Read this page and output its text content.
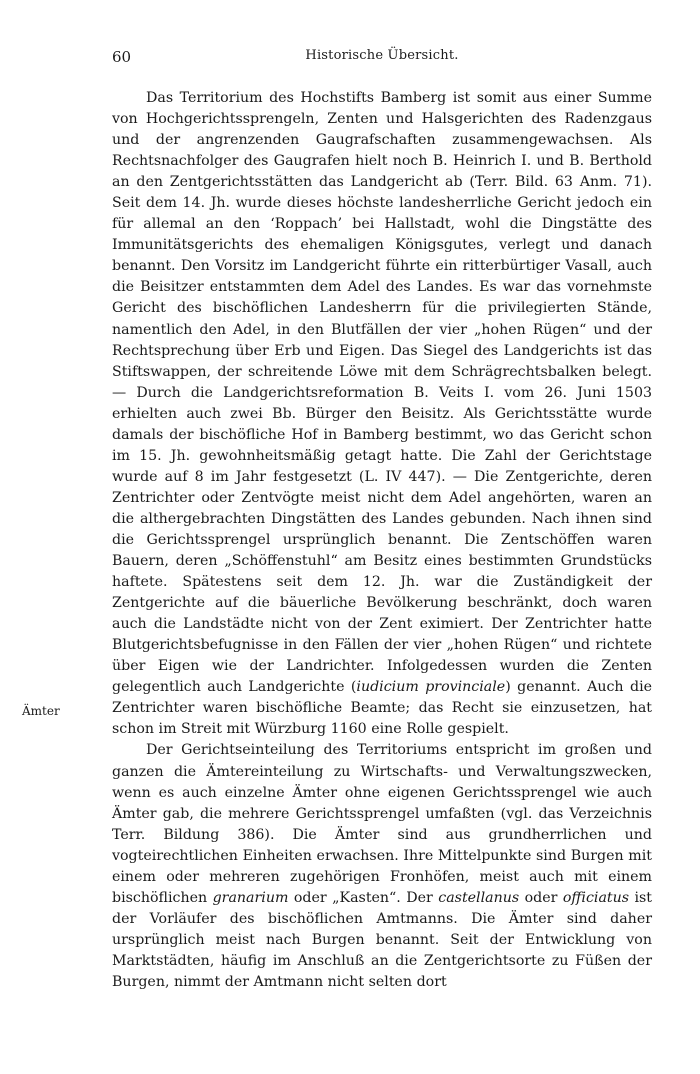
60	Historische Übersicht.
Ämter

Das Territorium des Hochstifts Bamberg ist somit aus einer Summe von Hochgerichtssprengeln, Zenten und Halsgerichten des Radenzgaus und der angrenzenden Gaugrafschaften zusammengewachsen. Als Rechtsnachfolger des Gaugrafen hielt noch B. Heinrich I. und B. Berthold an den Zentgerichtsstätten das Landgericht ab (Terr. Bild. 63 Anm. 71). Seit dem 14. Jh. wurde dieses höchste landesherrliche Gericht jedoch ein für allemal an den ‘Roppach’ bei Hallstadt, wohl die Dingstätte des Immunitätsgerichts des ehemaligen Königsgutes, verlegt und danach benannt. Den Vorsitz im Landgericht führte ein ritterbürtiger Vasall, auch die Beisitzer entstammten dem Adel des Landes. Es war das vornehmste Gericht des bischöflichen Landesherrn für die privilegierten Stände, namentlich den Adel, in den Blutfällen der vier „hohen Rügen“ und der Rechtsprechung über Erb und Eigen. Das Siegel des Landgerichts ist das Stiftswappen, der schreitende Löwe mit dem Schrägrechtsbalken belegt. — Durch die Landgerichtsreformation B. Veits I. vom 26. Juni 1503 erhielten auch zwei Bb. Bürger den Beisitz. Als Gerichtsstätte wurde damals der bischöfliche Hof in Bamberg bestimmt, wo das Gericht schon im 15. Jh. gewohnheitsmäßig getagt hatte. Die Zahl der Gerichtstage wurde auf 8 im Jahr festgesetzt (L. IV 447). — Die Zentgerichte, deren Zentrichter oder Zentvögte meist nicht dem Adel angehörten, waren an die althergebrachten Dingstätten des Landes gebunden. Nach ihnen sind die Gerichtssprengel ursprünglich benannt. Die Zentschöffen waren Bauern, deren „Schöffenstuhl“ am Besitz eines bestimmten Grundstücks haftete. Spätestens seit dem 12. Jh. war die Zuständigkeit der Zentgerichte auf die bäuerliche Bevölkerung beschränkt, doch waren auch die Landstädte nicht von der Zent eximiert. Der Zentrichter hatte Blutgerichtsbefugnisse in den Fällen der vier „hohen Rügen“ und richtete über Eigen wie der Landrichter. Infolgedessen wurden die Zenten gelegentlich auch Landgerichte (iudicium provinciale) genannt. Auch die Zentrichter waren bischöfliche Beamte; das Recht sie einzusetzen, hat schon im Streit mit Würzburg 1160 eine Rolle gespielt.

Der Gerichtseinteilung des Territoriums entspricht im großen und ganzen die Ämtereinteilung zu Wirtschafts- und Verwaltungszwecken, wenn es auch einzelne Ämter ohne eigenen Gerichtssprengel wie auch Ämter gab, die mehrere Gerichtssprengel umfaßten (vgl. das Verzeichnis Terr. Bildung 386). Die Ämter sind aus grundherrlichen und vogteirechtlichen Einheiten erwachsen. Ihre Mittelpunkte sind Burgen mit einem oder mehreren zugehörigen Fronhöfen, meist auch mit einem bischöflichen granarium oder „Kasten“. Der castellanus oder officiatus ist der Vorläufer des bischöflichen Amtmanns. Die Ämter sind daher ursprünglich meist nach Burgen benannt. Seit der Entwicklung von Marktstädten, häufig im Anschluß an die Zentgerichtsorte zu Füßen der Burgen, nimmt der Amtmann nicht selten dort
